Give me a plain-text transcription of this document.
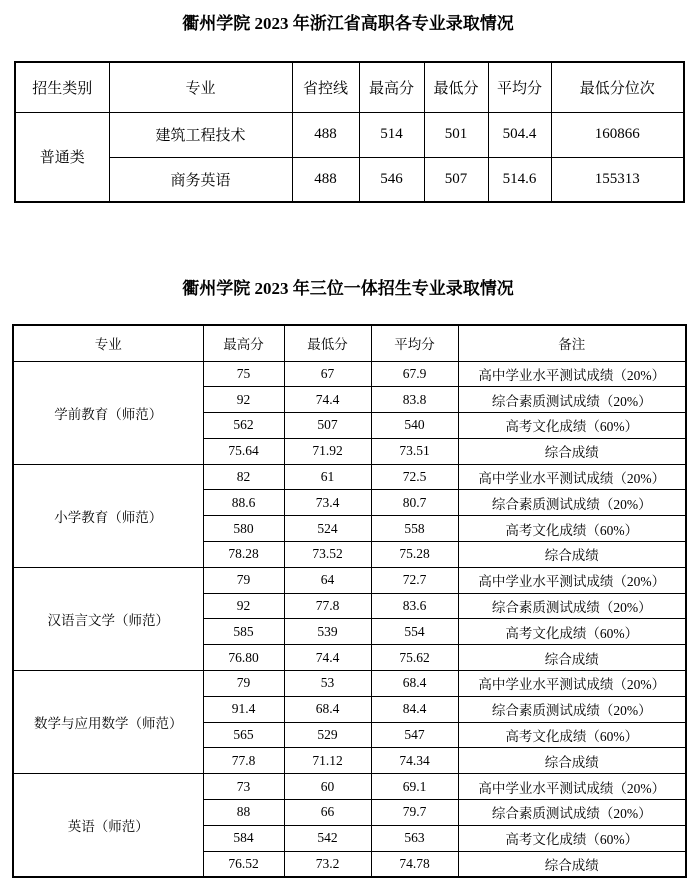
衢州学院 2023 年浙江省高职各专业录取情况
招生类别	专业	省控线	最高分	最低分	平均分	最低分位次
普通类	建筑工程技术	488	514	501	504.4	160866
	商务英语	488	546	507	514.6	155313
衢州学院 2023 年三位一体招生专业录取情况
专业	最高分	最低分	平均分	备注
学前教育（师范）	75	67	67.9	高中学业水平测试成绩（20%）
	92	74.4	83.8	综合素质测试成绩（20%）
	562	507	540	高考文化成绩（60%）
	75.64	71.92	73.51	综合成绩
小学教育（师范）	82	61	72.5	高中学业水平测试成绩（20%）
	88.6	73.4	80.7	综合素质测试成绩（20%）
	580	524	558	高考文化成绩（60%）
	78.28	73.52	75.28	综合成绩
汉语言文学（师范）	79	64	72.7	高中学业水平测试成绩（20%）
	92	77.8	83.6	综合素质测试成绩（20%）
	585	539	554	高考文化成绩（60%）
	76.80	74.4	75.62	综合成绩
数学与应用数学（师范）	79	53	68.4	高中学业水平测试成绩（20%）
	91.4	68.4	84.4	综合素质测试成绩（20%）
	565	529	547	高考文化成绩（60%）
	77.8	71.12	74.34	综合成绩
英语（师范）	73	60	69.1	高中学业水平测试成绩（20%）
	88	66	79.7	综合素质测试成绩（20%）
	584	542	563	高考文化成绩（60%）
	76.52	73.2	74.78	综合成绩
